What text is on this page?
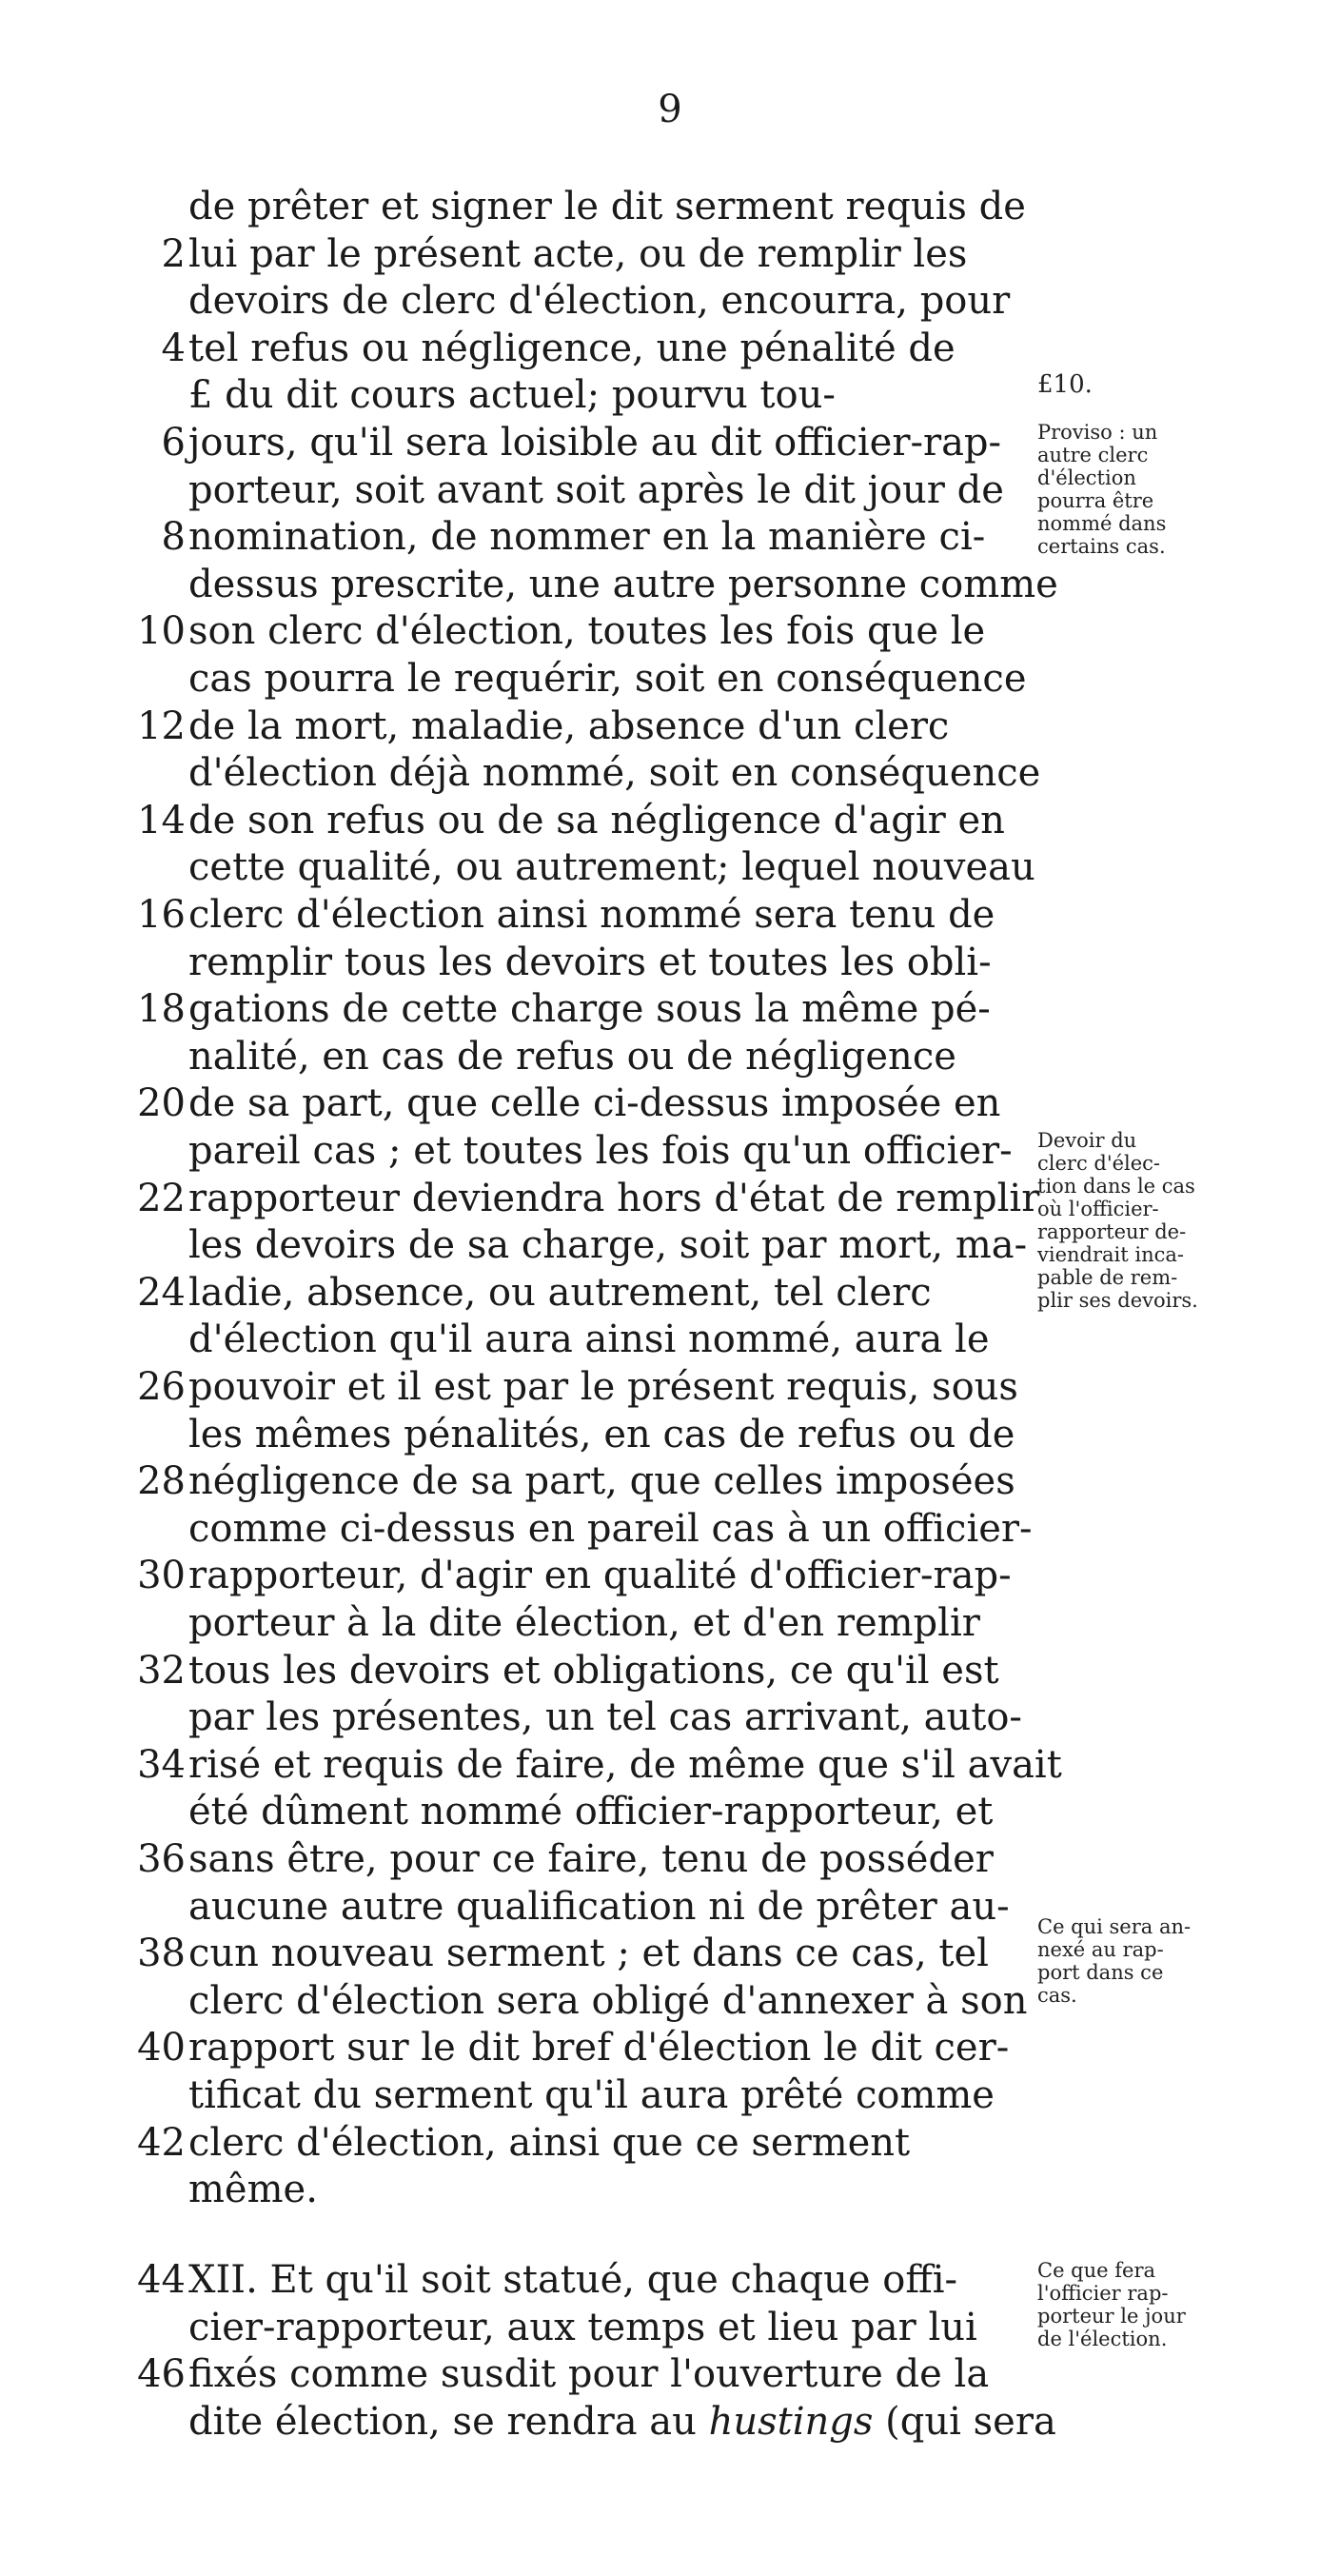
9
de prêter et signer le dit serment requis de
2 lui par le présent acte, ou de remplir les
devoirs de clerc d'élection, encourra, pour
4 tel refus ou négligence, une pénalité de
£ du dit cours actuel; pourvu tou-
6 jours, qu'il sera loisible au dit officier-rap-
porteur, soit avant soit après le dit jour de
8 nomination, de nommer en la manière ci-
dessus prescrite, une autre personne comme
10 son clerc d'élection, toutes les fois que le
cas pourra le requérir, soit en conséquence
12 de la mort, maladie, absence d'un clerc
d'élection déjà nommé, soit en conséquence
14 de son refus ou de sa négligence d'agir en
cette qualité, ou autrement; lequel nouveau
16 clerc d'élection ainsi nommé sera tenu de
remplir tous les devoirs et toutes les obli-
18 gations de cette charge sous la même pé-
nalité, en cas de refus ou de négligence
20 de sa part, que celle ci-dessus imposée en
pareil cas ; et toutes les fois qu'un officier-
22 rapporteur deviendra hors d'état de remplir
les devoirs de sa charge, soit par mort, ma-
24 ladie, absence, ou autrement, tel clerc
d'élection qu'il aura ainsi nommé, aura le
26 pouvoir et il est par le présent requis, sous
les mêmes pénalités, en cas de refus ou de
28 négligence de sa part, que celles imposées
comme ci-dessus en pareil cas à un officier-
30 rapporteur, d'agir en qualité d'officier-rap-
porteur à la dite élection, et d'en remplir
32 tous les devoirs et obligations, ce qu'il est
par les présentes, un tel cas arrivant, auto-
34 risé et requis de faire, de même que s'il avait
été dûment nommé officier-rapporteur, et
36 sans être, pour ce faire, tenu de posséder
aucune autre qualification ni de prêter au-
38 cun nouveau serment ; et dans ce cas, tel
clerc d'élection sera obligé d'annexer à son
40 rapport sur le dit bref d'élection le dit cer-
tificat du serment qu'il aura prêté comme
42 clerc d'élection, ainsi que ce serment
même.
44 XII. Et qu'il soit statué, que chaque offi-
cier-rapporteur, aux temps et lieu par lui
46 fixés comme susdit pour l'ouverture de la
dite élection, se rendra au hustings (qui sera
£10.
Proviso : un
autre clerc
d'élection
pourra être
nommé dans
certains cas.
Devoir du
clerc d'élec-
tion dans le cas
où l'officier-
rapporteur de-
viendrait inca-
pable de rem-
plir ses devoirs.
Ce qui sera an-
nexé au rap-
port dans ce
cas.
Ce que fera
l'officier rap-
porteur le jour
de l'élection.
